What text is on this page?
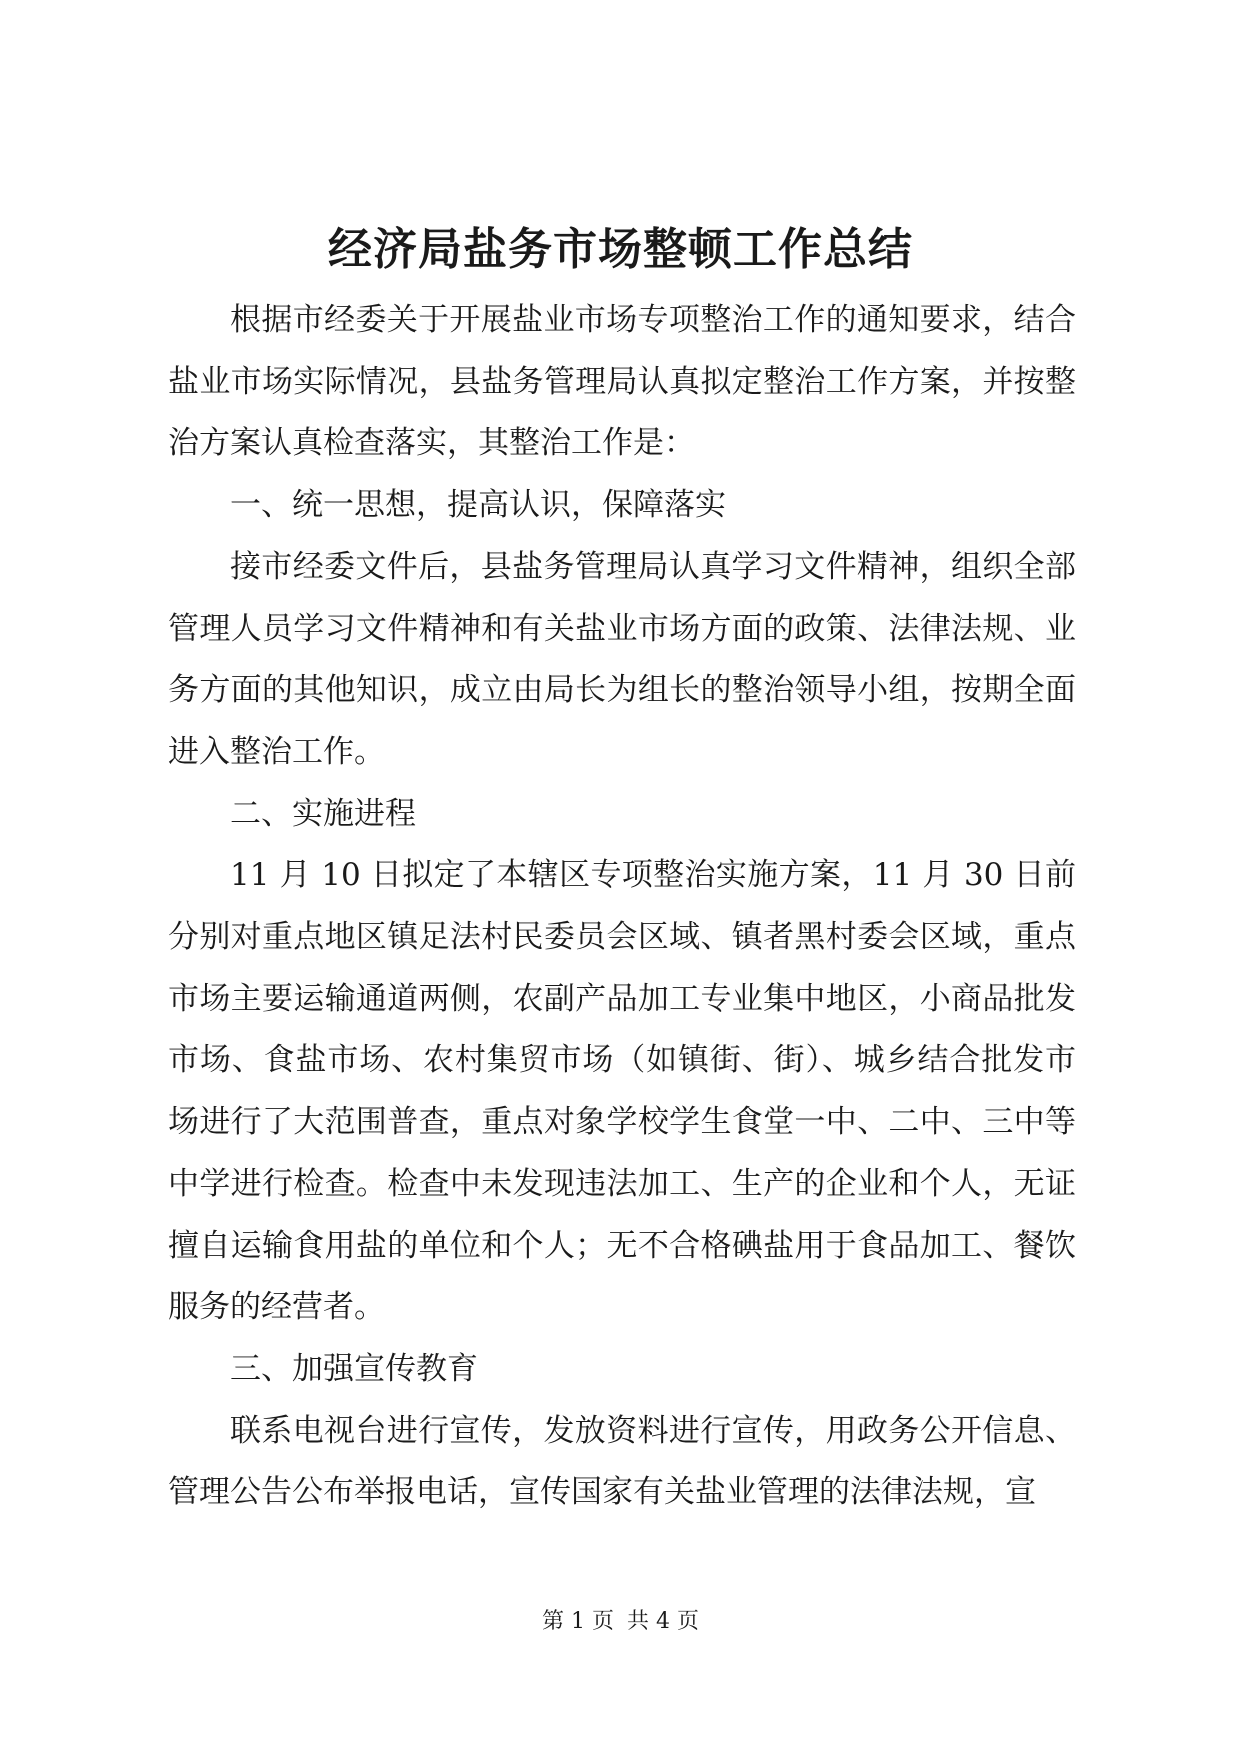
经济局盐务市场整顿工作总结

根据市经委关于开展盐业市场专项整治工作的通知要求，结合盐业市场实际情况，县盐务管理局认真拟定整治工作方案，并按整治方案认真检查落实，其整治工作是：

一、统一思想，提高认识，保障落实

接市经委文件后，县盐务管理局认真学习文件精神，组织全部管理人员学习文件精神和有关盐业市场方面的政策、法律法规、业务方面的其他知识，成立由局长为组长的整治领导小组，按期全面进入整治工作。

二、实施进程

11 月 10 日拟定了本辖区专项整治实施方案，11 月 30 日前分别对重点地区镇足法村民委员会区域、镇者黑村委会区域，重点市场主要运输通道两侧，农副产品加工专业集中地区，小商品批发市场、食盐市场、农村集贸市场（如镇街、街）、城乡结合批发市场进行了大范围普查，重点对象学校学生食堂一中、二中、三中等中学进行检查。检查中未发现违法加工、生产的企业和个人，无证擅自运输食用盐的单位和个人；无不合格碘盐用于食品加工、餐饮服务的经营者。

三、加强宣传教育

联系电视台进行宣传，发放资料进行宣传，用政务公开信息、管理公告公布举报电话，宣传国家有关盐业管理的法律法规，宣

第 1 页 共 4 页
